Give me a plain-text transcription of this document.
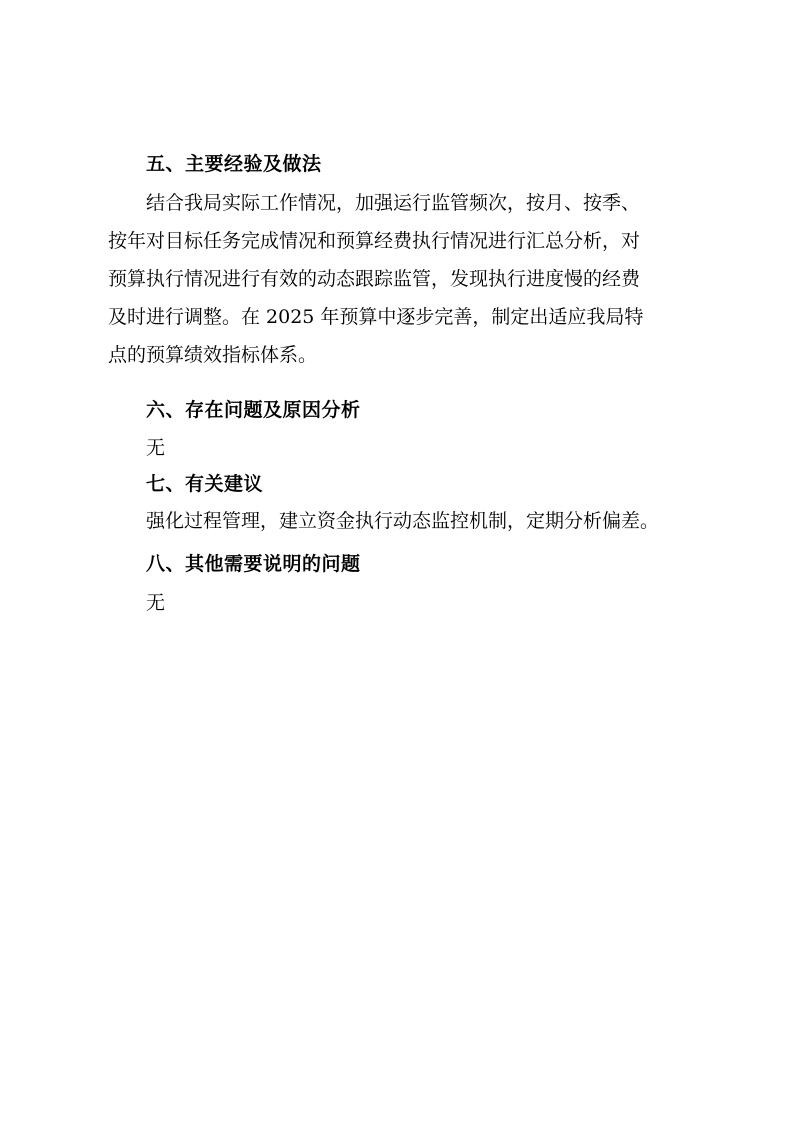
五、主要经验及做法
结合我局实际工作情况，加强运行监管频次，按月、按季、
按年对目标任务完成情况和预算经费执行情况进行汇总分析，对
预算执行情况进行有效的动态跟踪监管，发现执行进度慢的经费
及时进行调整。在 2025 年预算中逐步完善，制定出适应我局特
点的预算绩效指标体系。
六、存在问题及原因分析
无
七、有关建议
强化过程管理，建立资金执行动态监控机制，定期分析偏差。
八、其他需要说明的问题
无
